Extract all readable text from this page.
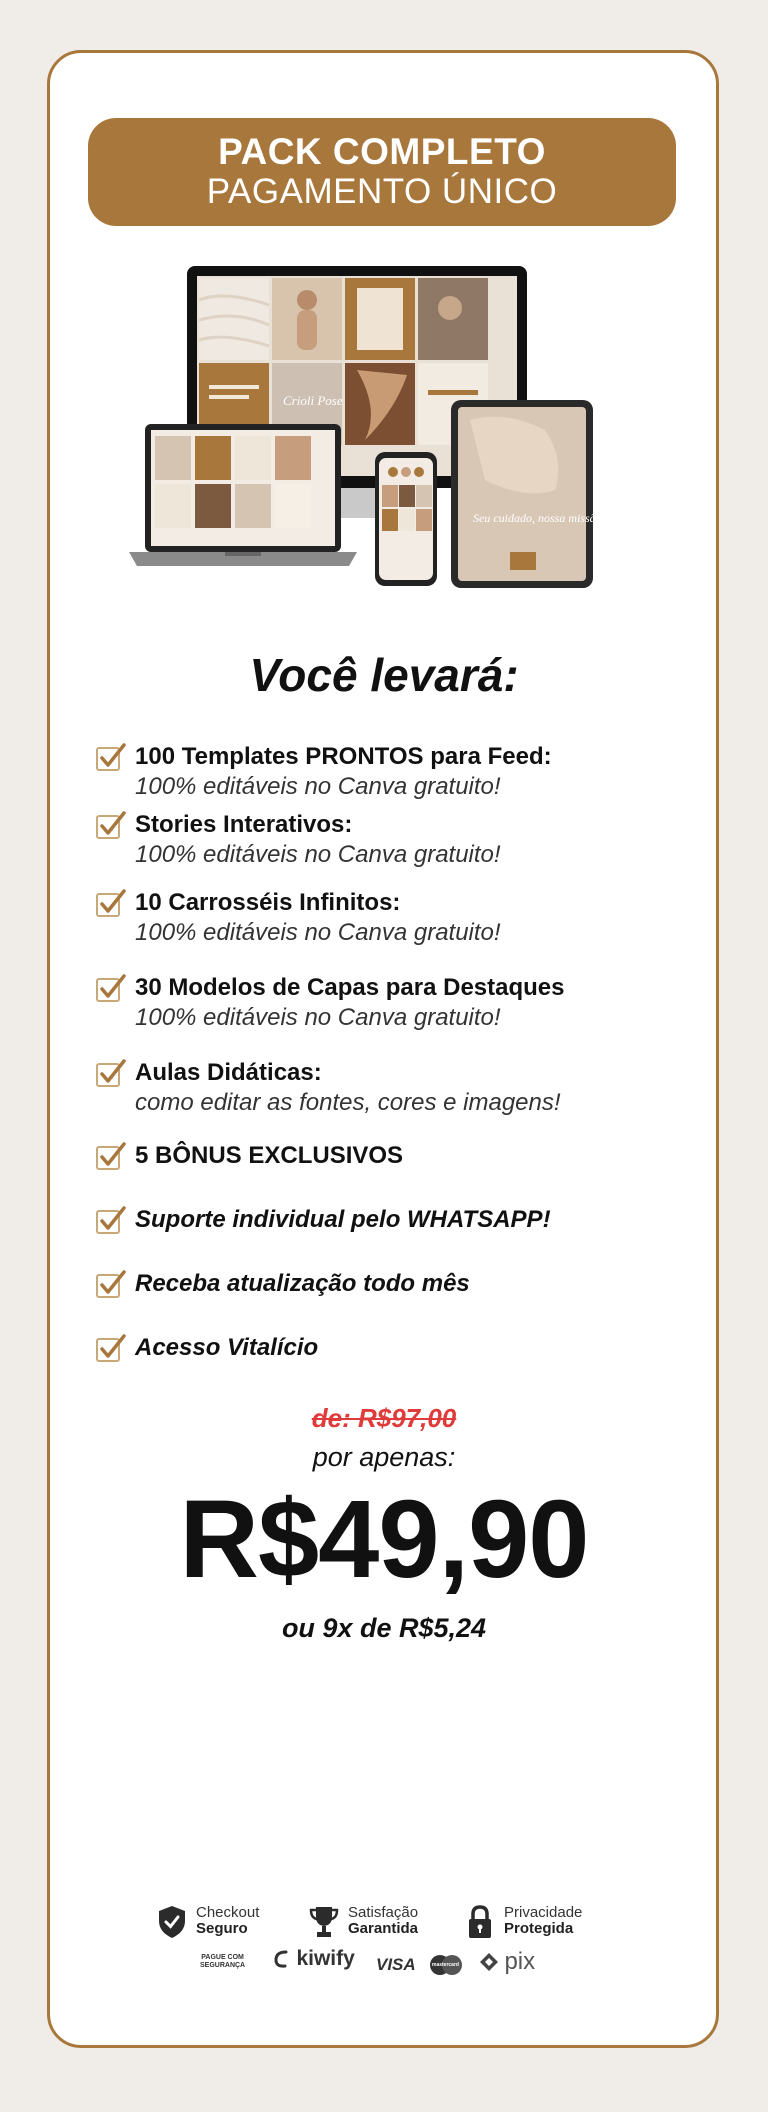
PACK COMPLETO
PAGAMENTO ÚNICO
Crioli Pose
Seu cuidado, nossa missão
Você levará:
100 Templates PRONTOS para Feed:
100% editáveis no Canva gratuito!
Stories Interativos:
100% editáveis no Canva gratuito!
10 Carrosséis Infinitos:
100% editáveis no Canva gratuito!
30 Modelos de Capas para Destaques
100% editáveis no Canva gratuito!
Aulas Didáticas:
como editar as fontes, cores e imagens!
5 BÔNUS EXCLUSIVOS
Suporte individual pelo WHATSAPP!
Receba atualização todo mês
Acesso Vitalício
de: R$97,00
por apenas:
R$49,90
ou 9x de R$5,24
Checkout
Seguro
Satisfação
Garantida
Privacidade
Protegida
PAGUE COM
SEGURANÇA	kiwify VISA	mastercard	pix
